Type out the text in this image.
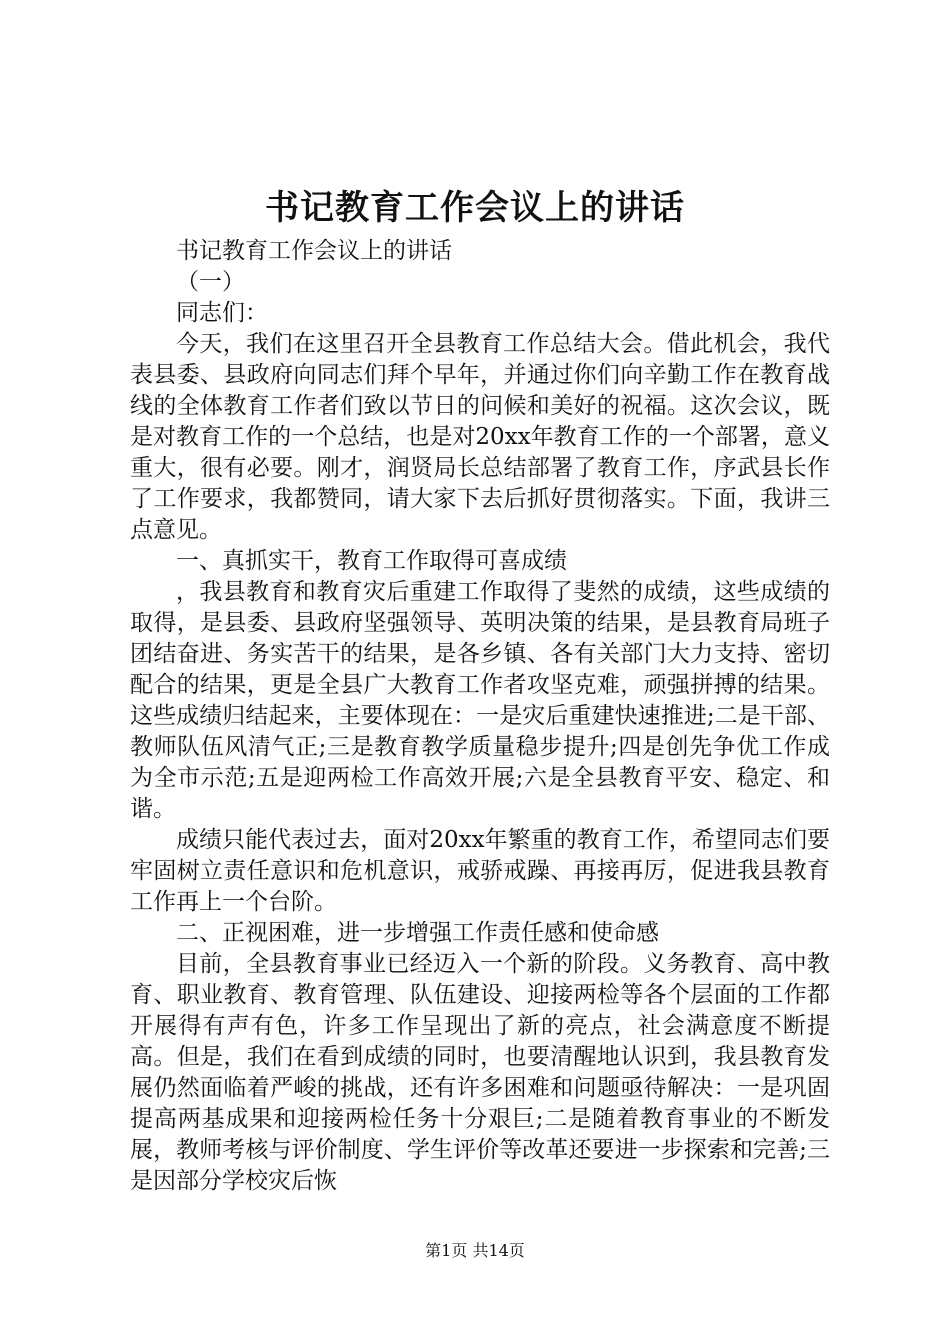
书记教育工作会议上的讲话

书记教育工作会议上的讲话

（一）

同志们：

今天，我们在这里召开全县教育工作总结大会。借此机会，我代表县委、县政府向同志们拜个早年，并通过你们向辛勤工作在教育战线的全体教育工作者们致以节日的问候和美好的祝福。这次会议，既是对教育工作的一个总结，也是对20xx年教育工作的一个部署，意义重大，很有必要。刚才，润贤局长总结部署了教育工作，序武县长作了工作要求，我都赞同，请大家下去后抓好贯彻落实。下面，我讲三点意见。

一、真抓实干，教育工作取得可喜成绩

，我县教育和教育灾后重建工作取得了斐然的成绩，这些成绩的取得，是县委、县政府坚强领导、英明决策的结果，是县教育局班子团结奋进、务实苦干的结果，是各乡镇、各有关部门大力支持、密切配合的结果，更是全县广大教育工作者攻坚克难，顽强拼搏的结果。这些成绩归结起来，主要体现在：一是灾后重建快速推进;二是干部、教师队伍风清气正;三是教育教学质量稳步提升;四是创先争优工作成为全市示范;五是迎两检工作高效开展;六是全县教育平安、稳定、和谐。

成绩只能代表过去，面对20xx年繁重的教育工作，希望同志们要牢固树立责任意识和危机意识，戒骄戒躁、再接再厉，促进我县教育工作再上一个台阶。

二、正视困难，进一步增强工作责任感和使命感

目前，全县教育事业已经迈入一个新的阶段。义务教育、高中教育、职业教育、教育管理、队伍建设、迎接两检等各个层面的工作都开展得有声有色，许多工作呈现出了新的亮点，社会满意度不断提高。但是，我们在看到成绩的同时，也要清醒地认识到，我县教育发展仍然面临着严峻的挑战，还有许多困难和问题亟待解决：一是巩固提高两基成果和迎接两检任务十分艰巨;二是随着教育事业的不断发展，教师考核与评价制度、学生评价等改革还要进一步探索和完善;三是因部分学校灾后恢

第1页 共14页
